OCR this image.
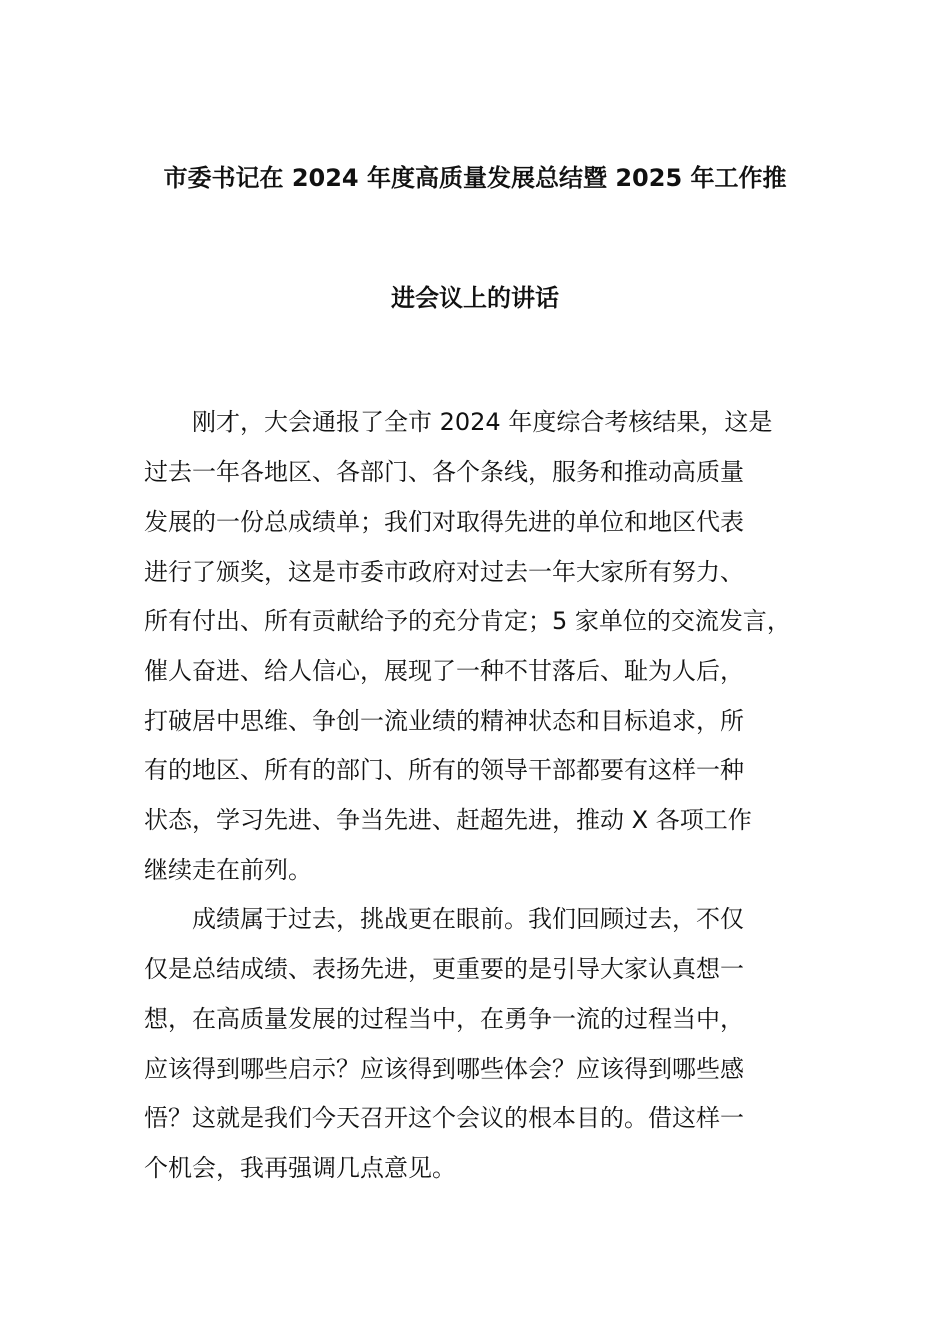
市委书记在 2024 年度高质量发展总结暨 2025 年工作推
进会议上的讲话
刚才，大会通报了全市 2024 年度综合考核结果，这是
过去一年各地区、各部门、各个条线，服务和推动高质量
发展的一份总成绩单；我们对取得先进的单位和地区代表
进行了颁奖，这是市委市政府对过去一年大家所有努力、
所有付出、所有贡献给予的充分肯定；5 家单位的交流发言，
催人奋进、给人信心，展现了一种不甘落后、耻为人后，
打破居中思维、争创一流业绩的精神状态和目标追求，所
有的地区、所有的部门、所有的领导干部都要有这样一种
状态，学习先进、争当先进、赶超先进，推动 X 各项工作
继续走在前列。
成绩属于过去，挑战更在眼前。我们回顾过去，不仅
仅是总结成绩、表扬先进，更重要的是引导大家认真想一
想，在高质量发展的过程当中，在勇争一流的过程当中，
应该得到哪些启示？应该得到哪些体会？应该得到哪些感
悟？这就是我们今天召开这个会议的根本目的。借这样一
个机会，我再强调几点意见。
